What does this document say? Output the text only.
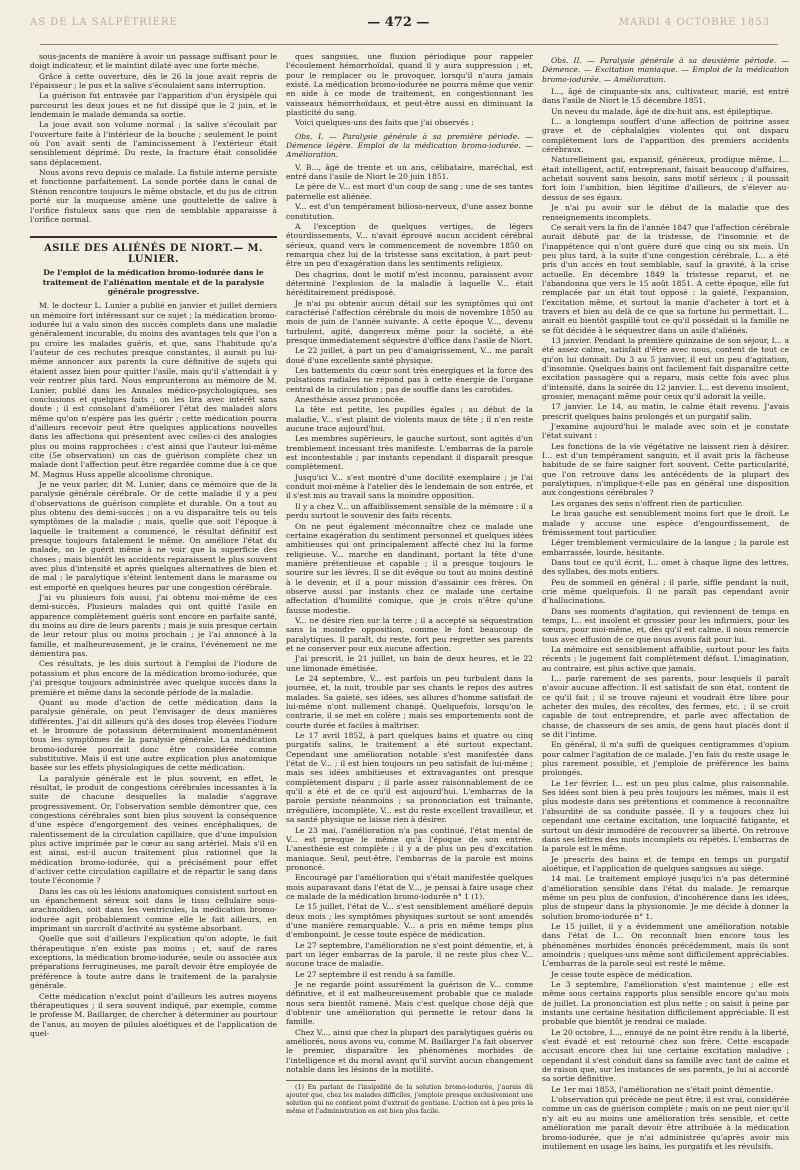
AS DE LA SALPÊTRIÈRE	— 472 —	MARDI 4 OCTOBRE 1853

sous-jacents de manière à avoir un passage suffisant pour le doigt indicateur, et le maintint dilaté avec une forte mèche.

Grâce à cette ouverture, dès le 26 la joue avait repris de l'épaisseur ; le pus et la salive s'écoulaient sans interruption.

La guérison fut entravée par l'apparition d'un érysipèle qui parcourut les deux joues et ne fut dissipé que le 2 juin, et le lendemain le malade demanda sa sortie.

La joue avait son volume normal ; la salive s'écoulait par l'ouverture faite à l'intérieur de la bouche ; seulement le point où l'on avait senti de l'amincissement à l'extérieur était sensiblement déprimé. Du reste, la fracture était consolidée sans déplacement.

Nous avons revu depuis ce malade. La fistule interne persiste et fonctionne parfaitement. La sonde portée dans le canal de Sténon rencontre toujours le même obstacle, et du jus de citron porté sur la muqueuse amène une gouttelette de salive à l'orifice fistuleux sans que rien de semblable apparaisse à l'orifice normal.

ASILE DES ALIÉNÉS DE NIORT.— M. LUNIER.
De l'emploi de la médication bromo-iodurée dans le traitement de l'aliénation mentale et de la paralysie générale progressive.

M. le docteur L. Lunier a publié en janvier et juillet derniers un mémoire fort intéressant sur ce sujet ; la médication bromo-iodurée lui a valu sinon des succès complets dans une maladie généralement incurable, du moins des avantages tels que l'on a pu croire les malades guéris, et que, sans l'habitude qu'a l'auteur de ces rechutes presque constantes, il aurait pu lui-même annoncer aux parents la cure définitive de sujets qui étaient assez bien pour quitter l'asile, mais qu'il s'attendait à y voir rentrer plus tard. Nous emprunterons au mémoire de M. Lunier, publié dans les Annales médico-psychologiques, ses conclusions et quelques faits ; on les lira avec intérêt sans doute ; il est consolant d'améliorer l'état des malades alors même qu'on n'espère pas les guérir ; cette médication pourra d'ailleurs recevoir peut être quelques applications nouvelles dans les affections qui présentent avec celles-ci des analogies plus ou moins rapprochées : c'est ainsi que l'auteur lui-même cite (5e observation) un cas de guérison complète chez un malade dont l'affection peut être regardée comme due à ce que M. Magnus Huss appelle alcoolisme chronique.

Je ne veux parler, dit M. Lunier, dans ce mémoire que de la paralysie générale cérébrale. Or de cette maladie il y a peu d'observations de guérison complète et durable. On a tout au plus obtenu des demi-succès ; on a vu disparaître tels ou tels symptômes de la maladie ; mais, quelle que soit l'époque à laquelle le traitement a commencé, le résultat définitif est presque toujours fatalement le même. On améliore l'état du malade, on le guérit même à ne voir que la superficie des choses ; mais bientôt les accidents reparaissent le plus souvent avec plus d'intensité et après quelques alternatives de bien et de mal ; le paralytique s'éteint lentement dans le marasme ou est emporté en quelques heures par une congestion cérébrale.

J'ai vu plusieurs fois aussi, j'ai obtenu moi-même de ces demi-succès. Plusieurs malades qui ont quitté l'asile en apparence complètement guéris sont encore en parfaite santé, du moins au dire de leurs parents ; mais je suis presque certain de leur retour plus ou moins prochain ; je l'ai annoncé à la famille, et malheureusement, je le crains, l'événement ne me démentira pas.

Ces résultats, je les dois surtout à l'emploi de l'iodure de potassium et plus encore de la médication bromo-iodurée, que j'ai presque toujours administrée avec quelque succès dans la première et même dans la seconde période de la maladie.

Quant au mode d'action de cette médication dans la paralysie générale, on peut l'envisager de deux manières différentes. J'ai dit ailleurs qu'à des doses trop élevées l'iodure et le bromure de potassium déterminaient momentanément tous les symptômes de la paralysie générale. La médication bromo-iodurée pourrait donc être considérée comme substitutive. Mais il est une autre explication plus anatomique basée sur les effets physiologiques de cette médication.

La paralysie générale est le plus souvent, en effet, le résultat, le produit de congestions cérébrales incessantes à la suite de chacune desquelles la maladie s'aggrave progressivement. Or, l'observation semble démontrer que, ces congestions cérébrales sont bien plus souvent la conséquence d'une espèce d'engorgement des veines encéphaliques, de ralentissement de la circulation capillaire, que d'une impulsion plus active imprimée par le cœur au sang artériel. Mais s'il en est ainsi, est-il aucun traitement plus rationnel que la médication bromo-iodurée, qui a précisément pour effet d'activer cette circulation capillaire et de répartir le sang dans toute l'économie ?

Dans les cas où les lésions anatomiques consistent surtout en un épanchement séreux soit dans le tissu cellulaire sous-arachnoïdien, soit dans les ventricules, la médication bromo-iodurée agit probablement comme elle le fait ailleurs, en imprimant un surcroît d'activité au système absorbant.

Quelle que soit d'ailleurs l'explication qu'on adopte, le fait thérapeutique n'en existe pas moins ; et, sauf de rares exceptions, la médication bromo-iodurée, seule ou associée aux préparations ferrugineuses, me paraît devoir être employée de préférence à toute autre dans le traitement de la paralysie générale.

Cette médication n'exclut point d'ailleurs les autres moyens thérapeutiques ; il sera souvent indiqué, par exemple, comme le professe M. Baillarger, de chercher à déterminer au pourtour de l'anus, au moyen de pilules aloétiques et de l'application de quel-

ques sangsues, une fluxion périodique pour rappeler l'écoulement hémorrhoïdal, quand il y aura suppression ; et, pour le remplacer ou le provoquer, lorsqu'il n'aura jamais existé. La médication bromo-iodurée ne pourra même que venir en aide à ce mode de traitement, en congestionnant les vaisseaux hémorrhoïdaux, et peut-être aussi en diminuant la plasticité du sang.

Voici quelques-uns des faits que j'ai observés :

Obs. I. — Paralysie générale à sa première période. — Démence légère. Emploi de la médication bromo-iodurée. — Amélioration.

V. B..., âgé de trente et un ans, célibataire, maréchal, est entré dans l'asile de Niort le 20 juin 1851.

Le père de V... est mort d'un coup de sang ; une de ses tantes paternelle est aliénée.

V... est d'un tempérament bilioso-nerveux, d'une assez bonne constitution.

A l'exception de quelques vertiges, de légers étourdissements, V... n'avait éprouvé aucun accident cérébral sérieux, quand vers le commencement de novembre 1850 on remarqua chez lui de la tristesse sans excitation, à part peut-être un peu d'exagération dans les sentiments religieux.

Des chagrins, dont le motif m'est inconnu, paraissent avoir déterminé l'explosion de la maladie à laquelle V... était héréditairement prédisposé.

Je n'ai pu obtenir aucun détail sur les symptômes qui ont caractérisé l'affection cérébrale du mois de novembre 1850 au mois de juin de l'année suivante. A cette époque V..., devenu turbulent, agité, dangereux même pour la société, a été presque immédiatement séquestré d'office dans l'asile de Niort.

Le 22 juillet, à part un peu d'amaigrissement, V... me paraît doué d'une excellente santé physique.

Les battements du cœur sont très énergiques et la force des pulsations radiales ne répond pas à cette énergie de l'organe central de la circulation ; pas de souffle dans les carotides.

Anesthésie assez prononcée.

La tête est petite, les pupilles égales ; au début de la maladie, V... s'est plaint de violents maux de tête ; il n'en reste aucune trace aujourd'hui.

Les membres supérieurs, le gauche surtout, sont agités d'un tremblement incessant très manifeste. L'embarras de la parole est incontestable ; par instants cependant il disparaît presque complètement.

Jusqu'ici V... s'est montré d'une docilité exemplaire ; je l'ai conduit moi-même à l'atelier dès le lendemain de son entrée, et il s'est mis au travail sans la moindre opposition.

Il y a chez V... un affaiblissement sensible de la mémoire : il a perdu surtout le souvenir des faits récents.

On ne peut également méconnaître chez ce malade une certaine exagération du sentiment personnel et quelques idées ambitieuses qui ont principalement affecté chez lui la forme religieuse. V... marche en dandinant, portant la tête d'une manière prétentieuse et capable ; il a presque toujours le sourire sur les lèvres. Il se dit évêque ou tout au moins destiné à le devenir, et il a pour mission d'assainir ces frères. On observe aussi par instants chez ce malade une certaine affectation d'humilité comique, que je crois n'être qu'une fausse modestie.

V... ne désire rien sur la terre ; il a accepté sa séquestration sans la moindre opposition, comme le font beaucoup de paralytiques. Il paraît, du reste, fort peu regretter ses parents et ne conserver pour eux aucune affection.

J'ai prescrit, le 21 juillet, un bain de deux heures, et le 22 une limonade émétisée.

Le 24 septembre, V... est parfois un peu turbulent dans la journée, et, la nuit, trouble par ses chants le repos des autres malades. Sa gaieté, ses idées, ses allures d'homme satisfait de lui-même n'ont nullement changé. Quelquefois, lorsqu'on le contrarie, il se met en colère ; mais ses emportements sont de courte durée et faciles à maîtriser.

Le 17 avril 1852, à part quelques bains et quatre ou cinq purgatifs salins, le traitement a été surtout expectant. Cependant une amélioration notable s'est manifestée dans l'état de V... ; il est bien toujours un peu satisfait de lui-même ; mais ses idées ambitieuses et extravagantes ont presque complètement disparu ; il parle assez raisonnablement de ce qu'il a été et de ce qu'il est aujourd'hui. L'embarras de la parole persiste néanmoins ; sa prononciation est traînante, irrégulière, incomplète. V... est du reste excellent travailleur, et sa santé physique ne laisse rien à désirer.

Le 23 mai, l'amélioration n'a pas continué, l'état mental de V... est presque le même qu'à l'époque de son entrée. L'anesthésie est complète ; il y a de plus un peu d'excitation maniaque. Seul, peut-être, l'embarras de la parole est moins prononcé.

Encouragé par l'amélioration qui s'était manifestée quelques mois auparavant dans l'état de V..., je pensai à faire usage chez ce malade de la médication bromo-iodurée n° 1 (1).

Le 15 juillet, l'état de V... s'est sensiblement amélioré depuis deux mois ; les symptômes physiques surtout se sont amendés d'une manière remarquable. V... a pris en même temps plus d'embonpoint. Je cesse toute espèce de médication.

Le 27 septembre, l'amélioration ne s'est point démentie, et, à part un léger embarras de la parole, il ne reste plus chez V... aucune trace de maladie.

Le 27 septembre il est rendu à sa famille.

Je ne regarde point assurément la guérison de V... comme définitive, et il est malheureusement probable que ce malade nous sera bientôt ramené. Mais c'est quelque chose déjà que d'obtenir une amélioration qui permette le retour dans la famille.

Chez V..., ainsi que chez la plupart des paralytiques guéris ou améliorés, nous avons vu, comme M. Baillarger l'a fait observer le premier, disparaître les phénomènes morbides de l'intelligence et du moral avant qu'il survînt aucun changement notable dans les lésions de la motilité.

(1) En parlant de l'insipidité de la solution bromo-iodurée, j'aurais dû ajouter que, chez les malades difficiles, j'emploie presque exclusivement une solution qui ne contient point d'extrait de gentiane. L'action est à peu près la même et l'administration en est bien plus facile.

Obs. II. — Paralysie générale à sa deuxième période. — Démence. — Excitation maniaque. — Emploi de la médication bromo-iodurée. — Amélioration.

I..., âgé de cinquante-six ans, cultivateur, marié, est entré dans l'asile de Niort le 15 décembre 1851.

Un neveu du malade, âgé de dix-huit ans, est épileptique.

I... a longtemps souffert d'une affection de poitrine assez grave et de céphalalgies violentes qui ont disparu complètement lors de l'apparition des premiers accidents cérébraux.

Naturellement gai, expansif, généreux, prodigue même, I... était intelligent, actif, entreprenant, faisait beaucoup d'affaires, achetait souvent sans besoin, sans motif sérieux ; il poussait fort loin l'ambition, bien légitime d'ailleurs, de s'élever au-dessus de ses égaux.

Je n'ai pu avoir sur le début de la maladie que des renseignements incomplets.

Ce serait vers la fin de l'année 1847 que l'affection cérébrale aurait débuté par de la tristesse, de l'insomnie et de l'inappétence qui n'ont guère duré que cinq ou six mois. Un peu plus tard, à la suite d'une congestion cérébrale, I... a été pris d'un accès en tout semblable, sauf la gravité, à la crise actuelle. En décembre 1849 la tristesse reparut, et ne l'abandonna que vers le 15 août 1851. A cette époque, elle fut remplacée par un état tout opposé : la gaieté, l'expansion, l'excitation même, et surtout la manie d'acheter à tort et à travers et bien au delà de ce que sa fortune lui permettait. I... aurait eu bientôt gaspillé tout ce qu'il possédait si la famille ne se fût décidée à le séquestrer dans un asile d'aliénés.

13 janvier. Pendant la première quinzaine de son séjour, I... a été assez calme, satisfait d'être avec nous, content de tout ce qu'on lui donnait. Du 3 au 5 janvier, il eut un peu d'agitation, d'insomnie. Quelques bains ont facilement fait disparaître cette excitation passagère qui a reparu, mais cette fois avec plus d'intensité, dans la soirée du 12 janvier. I... est devenu insolent, grossier, menaçant même pour ceux qu'il adorait la veille.

17 janvier. Le 14, au matin, le calme était revenu. J'avais prescrit quelques bains prolongés et un purgatif salin.

J'examine aujourd'hui le malade avec soin et je constate l'état suivant :

Les fonctions de la vie végétative ne laissent rien à désirer. I... est d'un tempérament sanguin, et il avait pris la fâcheuse habitude de se faire saigner fort souvent. Cette particularité, que l'on retrouve dans les antécédents de la plupart des paralytiques, n'implique-t-elle pas en général une disposition aux congestions cérébrales ?

Les organes des sens n'offrent rien de particulier.

Le bras gauche est sensiblement moins fort que le droit. Le malade y accuse une espèce d'engourdissement, de frémissement tout particulier.

Léger tremblement vermiculaire de la langue ; la parole est embarrassée, lourde, hésitante.

Dans tout ce qu'il écrit, I... omet à chaque ligne des lettres, des syllabes, des mots entiers.

Peu de sommeil en général ; il parle, siffle pendant la nuit, crie même quelquefois. Il ne paraît pas cependant avoir d'hallucinations.

Dans ses moments d'agitation, qui reviennent de temps en temps, I... est insolent et grossier pour les infirmiers, pour les sœurs, pour moi-même, et, dès qu'il est calme, il nous remercie tous avec effusion de ce que nous avons fait pour lui.

La mémoire est sensiblement affaiblie, surtout pour les faits récents ; le jugement fait complètement défaut. L'imagination, au contraire, est plus active que jamais.

I... parle rarement de ses parents, pour lesquels il paraît n'avoir aucune affection. Il est satisfait de son état, content de ce qu'il fait ; il se trouve rajeuni et voudrait être libre pour acheter des mules, des récoltes, des fermes, etc. ; il se croit capable de tout entreprendre, et parle avec affectation de chasse, de chasseurs de ses amis, de gens haut placés dont il se dit l'intime.

En général, il m'a suffi de quelques centigrammes d'opium pour calmer l'agitation de ce malade. J'en fais du reste usage le plus rarement possible, et j'emploie de préférence les bains prolongés.

Le 1er février, I... est un peu plus calme, plus raisonnable. Ses idées sont bien à peu près toujours les mêmes, mais il est plus modeste dans ses prétentions et commence à reconnaître l'absurdité de sa conduite passée. Il y a toujours chez lui cependant une certaine excitation, une loquacité fatigante, et surtout un désir immodéré de recouvrer sa liberté. On retrouve dans ses lettres des mots incomplets ou répétés. L'embarras de la parole est le même.

Je prescris des bains et de temps en temps un purgatif aloétique, et l'application de quelques sangsues au siège.

14 mai. Le traitement employé jusqu'ici n'a pas déterminé d'amélioration sensible dans l'état du malade. Je remarque même un peu plus de confusion, d'incohérence dans les idées, plus de stupeur dans la physionomie. Je me décide à donner la solution bromo-iodurée n° 1.

Le 15 juillet, il y a évidemment une amélioration notable dans l'état de I... On reconnaît bien encore tous les phénomènes morbides énoncés précédemment, mais ils sont amoindris ; quelques-uns même sont difficilement appréciables. L'embarras de la parole seul est resté le même.

Je cesse toute espèce de médication.

Le 3 septembre, l'amélioration s'est maintenue ; elle est même sous certains rapports plus sensible encore qu'au mois de juillet. La prononciation est plus nette ; on saisit à peine par instants une certaine hésitation difficilement appréciable. Il est probable que bientôt je rendrai ce malade.

Le 20 octobre, I..., ennuyé de ne point être rendu à la liberté, s'est évadé et est retourné chez son frère. Cette escapade accusait encore chez lui une certaine excitation maladive ; cependant il s'est conduit dans sa famille avec tant de calme et de raison que, sur les instances de ses parents, je lui ai accordé sa sortie définitive.

Le 1er mai 1853, l'amélioration ne s'était point démentie.

L'observation qui précède ne peut être, il est vrai, considérée comme un cas de guérison complète ; mais on ne peut nier qu'il n'y ait eu au moins une amélioration très sensible, et cette amélioration me paraît devoir être attribuée à la médication bromo-iodurée, que je n'ai administrée qu'après avoir mis inutilement en usage les bains, les purgatifs et les révulsifs.
